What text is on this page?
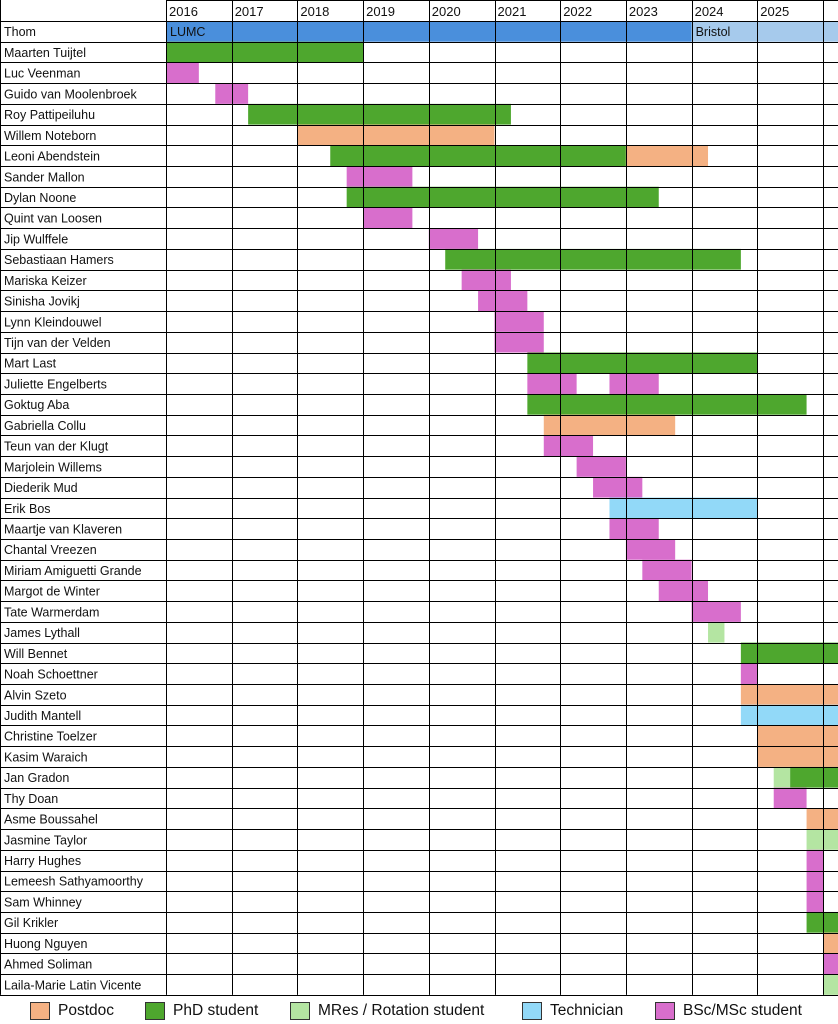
2016	2017	2018	2019	2020	2021	2022	2023	2024	2025
Thom	LUMC	Bristol
Maarten Tuijtel
Luc Veenman
Guido van Moolenbroek
Roy Pattipeiluhu
Willem Noteborn
Leoni Abendstein
Sander Mallon
Dylan Noone
Quint van Loosen
Jip Wulffele
Sebastiaan Hamers
Mariska Keizer
Sinisha Jovikj
Lynn Kleindouwel
Tijn van der Velden
Mart Last
Juliette Engelberts
Goktug Aba
Gabriella Collu
Teun van der Klugt
Marjolein Willems
Diederik Mud
Erik Bos
Maartje van Klaveren
Chantal Vreezen
Miriam Amiguetti Grande
Margot de Winter
Tate Warmerdam
James Lythall
Will Bennet
Noah Schoettner
Alvin Szeto
Judith Mantell
Christine Toelzer
Kasim Waraich
Jan Gradon
Thy Doan
Asme Boussahel
Jasmine Taylor
Harry Hughes
Lemeesh Sathyamoorthy
Sam Whinney
Gil Krikler
Huong Nguyen
Ahmed Soliman
Laila-Marie Latin Vicente
Postdoc	PhD student	MRes / Rotation student	Technician	BSc/MSc student
